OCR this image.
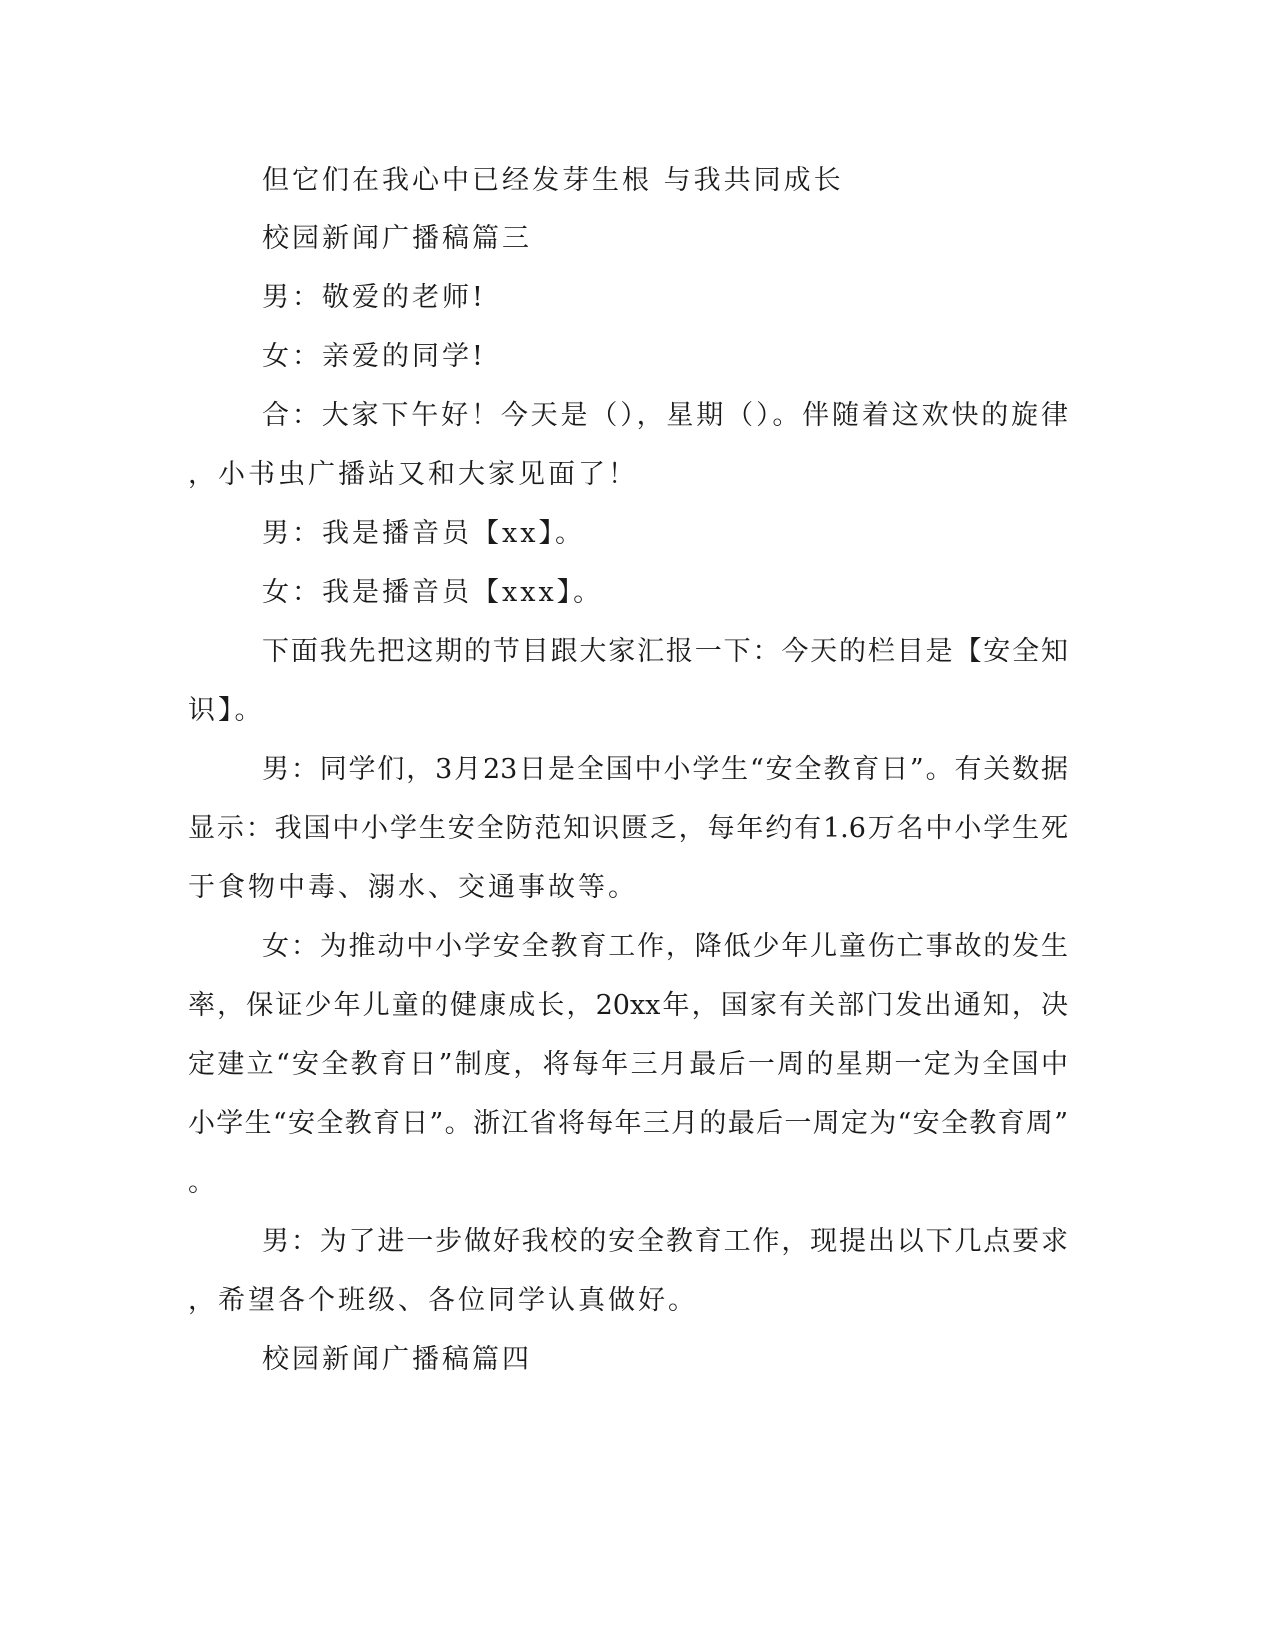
但它们在我心中已经发芽生根 与我共同成长
校园新闻广播稿篇三
男：敬爱的老师!
女：亲爱的同学!
合：大家下午好！今天是（），星期（）。伴随着这欢快的旋律
，小书虫广播站又和大家见面了！
男：我是播音员【xx】。
女：我是播音员【xxx】。
下面我先把这期的节目跟大家汇报一下：今天的栏目是【安全知
识】。
男：同学们，3月23日是全国中小学生“安全教育日”。有关数据
显示：我国中小学生安全防范知识匮乏，每年约有1.6万名中小学生死
于食物中毒、溺水、交通事故等。
女：为推动中小学安全教育工作，降低少年儿童伤亡事故的发生
率，保证少年儿童的健康成长，20xx年，国家有关部门发出通知，决
定建立“安全教育日”制度，将每年三月最后一周的星期一定为全国中
小学生“安全教育日”。浙江省将每年三月的最后一周定为“安全教育周”
。
男：为了进一步做好我校的安全教育工作，现提出以下几点要求
，希望各个班级、各位同学认真做好。
校园新闻广播稿篇四
